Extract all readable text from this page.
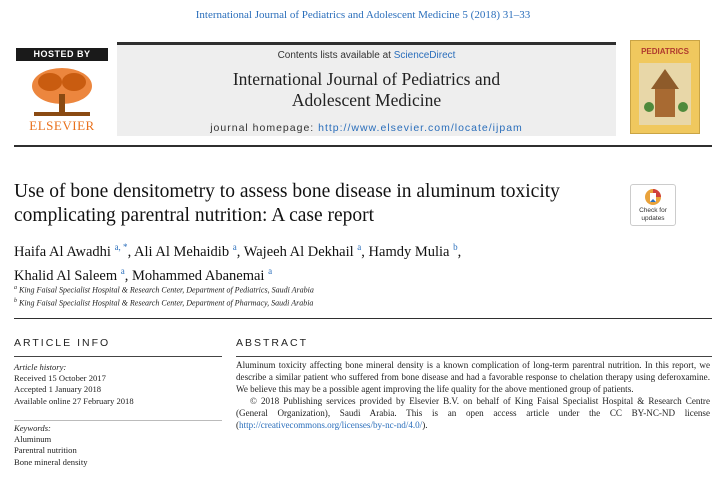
International Journal of Pediatrics and Adolescent Medicine 5 (2018) 31–33
HOSTED BY
ELSEVIER
Contents lists available at ScienceDirect
International Journal of Pediatrics and
Adolescent Medicine
journal homepage: http://www.elsevier.com/locate/ijpam
PEDIATRICS
Use of bone densitometry to assess bone disease in aluminum toxicity
complicating parentral nutrition: A case report	Check for
updates
Haifa Al Awadhi $^{a, *}$, Ali Al Mehaidib $^a$, Wajeeh Al Dekhail $^a$, Hamdy Mulia $^b$,
Khalid Al Saleem $^a$, Mohammed Abanemai $^a$
$^a$ King Faisal Specialist Hospital & Research Center, Department of Pediatrics, Saudi Arabia
$^b$ King Faisal Specialist Hospital & Research Center, Department of Pharmacy, Saudi Arabia
ARTICLE INFO	ABSTRACT
Article history:
Received 15 October 2017
Accepted 1 January 2018
Available online 27 February 2018
Keywords:
Aluminum
Parentral nutrition
Bone mineral density
Aluminum toxicity affecting bone mineral density is a known complication of long-term parentral nutrition. In this report, we describe a similar patient who suffered from bone disease and had a favorable response to chelation therapy using deferoxamine. We believe this may be a possible agent improving the life quality for the above mentioned group of patients.
© 2018 Publishing services provided by Elsevier B.V. on behalf of King Faisal Specialist Hospital & Research Centre (General Organization), Saudi Arabia. This is an open access article under the CC BY-NC-ND license (http://creativecommons.org/licenses/by-nc-nd/4.0/).
